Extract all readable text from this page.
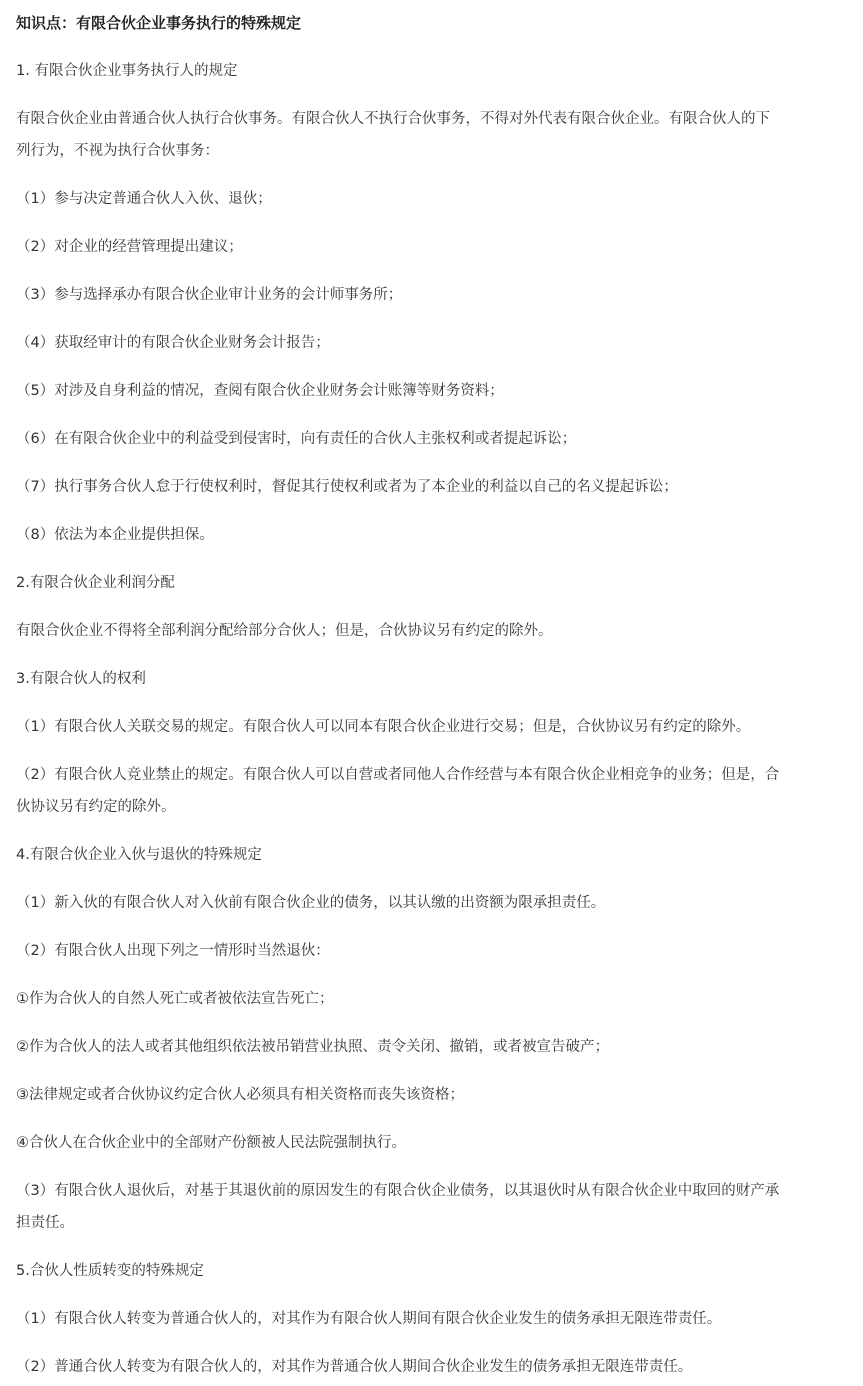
知识点：有限合伙企业事务执行的特殊规定
1. 有限合伙企业事务执行人的规定
有限合伙企业由普通合伙人执行合伙事务。有限合伙人不执行合伙事务，不得对外代表有限合伙企业。有限合伙人的下
列行为，不视为执行合伙事务：
（1）参与决定普通合伙人入伙、退伙；
（2）对企业的经营管理提出建议；
（3）参与选择承办有限合伙企业审计业务的会计师事务所；
（4）获取经审计的有限合伙企业财务会计报告；
（5）对涉及自身利益的情况，查阅有限合伙企业财务会计账簿等财务资料；
（6）在有限合伙企业中的利益受到侵害时，向有责任的合伙人主张权利或者提起诉讼；
（7）执行事务合伙人怠于行使权利时，督促其行使权利或者为了本企业的利益以自己的名义提起诉讼；
（8）依法为本企业提供担保。
2.有限合伙企业利润分配
有限合伙企业不得将全部利润分配给部分合伙人；但是，合伙协议另有约定的除外。
3.有限合伙人的权利
（1）有限合伙人关联交易的规定。有限合伙人可以同本有限合伙企业进行交易；但是，合伙协议另有约定的除外。
（2）有限合伙人竞业禁止的规定。有限合伙人可以自营或者同他人合作经营与本有限合伙企业相竞争的业务；但是，合
伙协议另有约定的除外。
4.有限合伙企业入伙与退伙的特殊规定
（1）新入伙的有限合伙人对入伙前有限合伙企业的债务，以其认缴的出资额为限承担责任。
（2）有限合伙人出现下列之一情形时当然退伙：
①作为合伙人的自然人死亡或者被依法宣告死亡；
②作为合伙人的法人或者其他组织依法被吊销营业执照、责令关闭、撤销，或者被宣告破产；
③法律规定或者合伙协议约定合伙人必须具有相关资格而丧失该资格；
④合伙人在合伙企业中的全部财产份额被人民法院强制执行。
（3）有限合伙人退伙后，对基于其退伙前的原因发生的有限合伙企业债务，以其退伙时从有限合伙企业中取回的财产承
担责任。
5.合伙人性质转变的特殊规定
（1）有限合伙人转变为普通合伙人的，对其作为有限合伙人期间有限合伙企业发生的债务承担无限连带责任。
（2）普通合伙人转变为有限合伙人的，对其作为普通合伙人期间合伙企业发生的债务承担无限连带责任。
